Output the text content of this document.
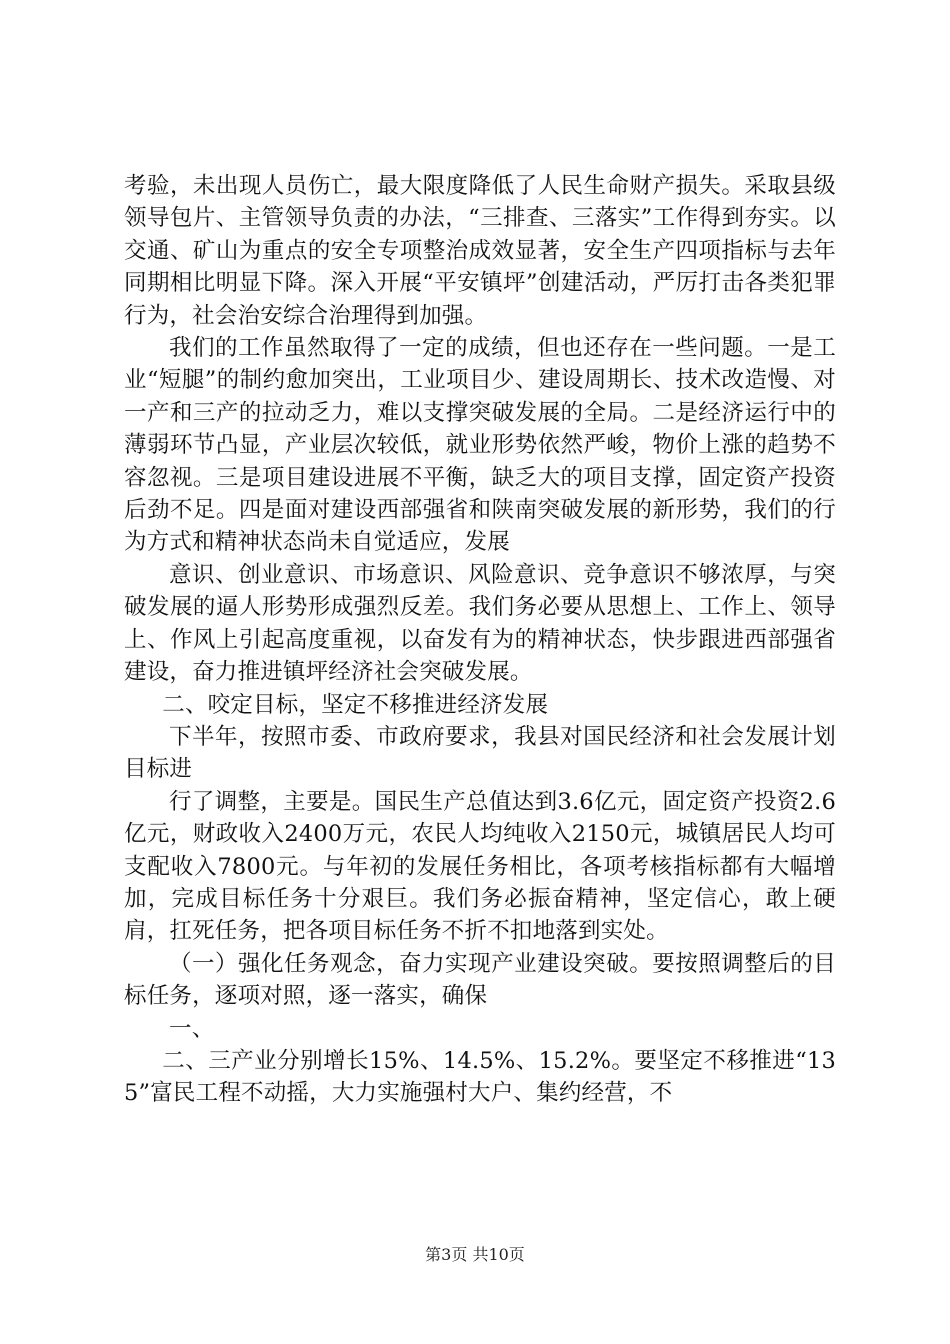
考验，未出现人员伤亡，最大限度降低了人民生命财产损失。采取县级领导包片、主管领导负责的办法，“三排查、三落实”工作得到夯实。以交通、矿山为重点的安全专项整治成效显著，安全生产四项指标与去年同期相比明显下降。深入开展“平安镇坪”创建活动，严厉打击各类犯罪行为，社会治安综合治理得到加强。

我们的工作虽然取得了一定的成绩，但也还存在一些问题。一是工业“短腿”的制约愈加突出，工业项目少、建设周期长、技术改造慢、对一产和三产的拉动乏力，难以支撑突破发展的全局。二是经济运行中的薄弱环节凸显，产业层次较低，就业形势依然严峻，物价上涨的趋势不容忽视。三是项目建设进展不平衡，缺乏大的项目支撑，固定资产投资后劲不足。四是面对建设西部强省和陕南突破发展的新形势，我们的行为方式和精神状态尚未自觉适应，发展

意识、创业意识、市场意识、风险意识、竞争意识不够浓厚，与突破发展的逼人形势形成强烈反差。我们务必要从思想上、工作上、领导上、作风上引起高度重视，以奋发有为的精神状态，快步跟进西部强省建设，奋力推进镇坪经济社会突破发展。

二、咬定目标，坚定不移推进经济发展

下半年，按照市委、市政府要求，我县对国民经济和社会发展计划目标进

行了调整，主要是。国民生产总值达到3.6亿元，固定资产投资2.6亿元，财政收入2400万元，农民人均纯收入2150元，城镇居民人均可支配收入7800元。与年初的发展任务相比，各项考核指标都有大幅增加，完成目标任务十分艰巨。我们务必振奋精神，坚定信心，敢上硬肩，扛死任务，把各项目标任务不折不扣地落到实处。

（一）强化任务观念，奋力实现产业建设突破。要按照调整后的目标任务，逐项对照，逐一落实，确保

一、

二、三产业分别增长15%、14.5%、15.2%。要坚定不移推进“135”富民工程不动摇，大力实施强村大户、集约经营，不

第3页 共10页
